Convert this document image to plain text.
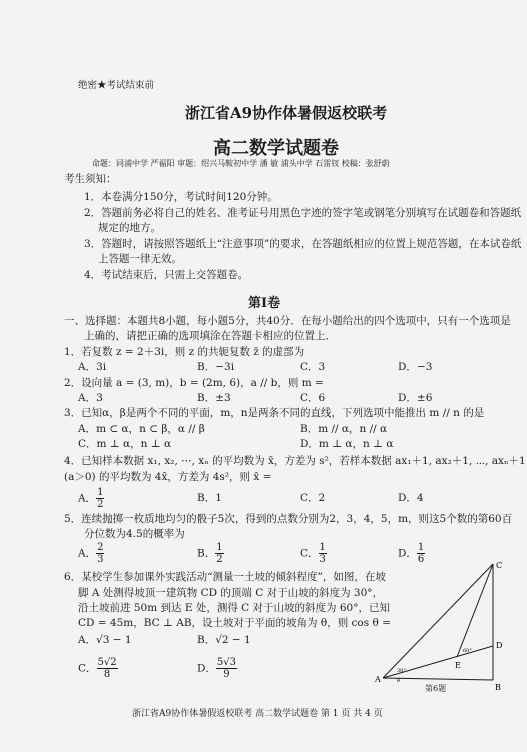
绝密★考试结束前
浙江省A9协作体暑假返校联考
高二数学试题卷
命题：同浦中学 严福阳 审题：绍兴马鞍初中学 潘 敏 浦头中学 石雷钗 校稿：张舒蔚
考生须知：
1．本卷满分150分，考试时间120分钟。
2．答题前务必将自己的姓名、准考证号用黑色字迹的签字笔或钢笔分别填写在试题卷和答题纸
规定的地方。
3．答题时，请按照答题纸上“注意事项”的要求，在答题纸相应的位置上规范答题，在本试卷纸
上答题一律无效。
4．考试结束后，只需上交答题卷。
第Ⅰ卷
一、选择题：本题共8小题，每小题5分，共40分．在每小题给出的四个选项中，只有一个选项是
上确的，请把正确的选项填涂在答题卡相应的位置上．
1．若复数 z = 2＋3i，则 z 的共轭复数 z̄ 的虚部为
A．3i	B．−3i	C．3	D．−3
2．设向量 a = (3, m)，b = (2m, 6)，a // b，则 m =
A．3	B．±3	C．6	D．±6
3．已知α，β是两个不同的平面，m，n是两条不同的直线，下列选项中能推出 m // n 的是
A．m ⊂ α，n ⊂ β，α // β	B．m // α，n // α
C．m ⊥ α，n ⊥ α	D．m ⊥ α，n ⊥ α
4．已知样本数据 x₁, x₂, ⋯, xₙ 的平均数为 x̄，方差为 s²，若样本数据 ax₁＋1, ax₂＋1, ⋯, axₙ＋1
(a＞0) 的平均数为 4x̄，方差为 4s²，则 x̄ =
A． $\frac{1}{2}$	B．1	C．2	D．4
5．连续抛掷一枚质地均匀的骰子5次，得到的点数分别为2，3，4，5，m，则这5个数的第60百
分位数为4.5的概率为
A． $\frac{2}{3}$	B． $\frac{1}{2}$	C． $\frac{1}{3}$	D． $\frac{1}{6}$
6．某校学生参加课外实践活动“测量一土坡的倾斜程度”，如图，在坡
脚 A 处测得坡顶一建筑物 CD 的顶端 C 对于山坡的斜度为 30°，
沿土坡前进 50m 到达 E 处，测得 C 对于山坡的斜度为 60°，已知
CD = 45m，BC ⊥ AB，设土坡对于平面的坡角为 θ，则 cos θ =
A．√3 − 1	B．√2 − 1
C． $\frac{5√2}{8}$	D． $\frac{5√3}{9}$	A
B
C
D
E
30°
60°
θ
第6题
浙江省A9协作体暑假返校联考 高二数学试题卷 第 1 页 共 4 页
